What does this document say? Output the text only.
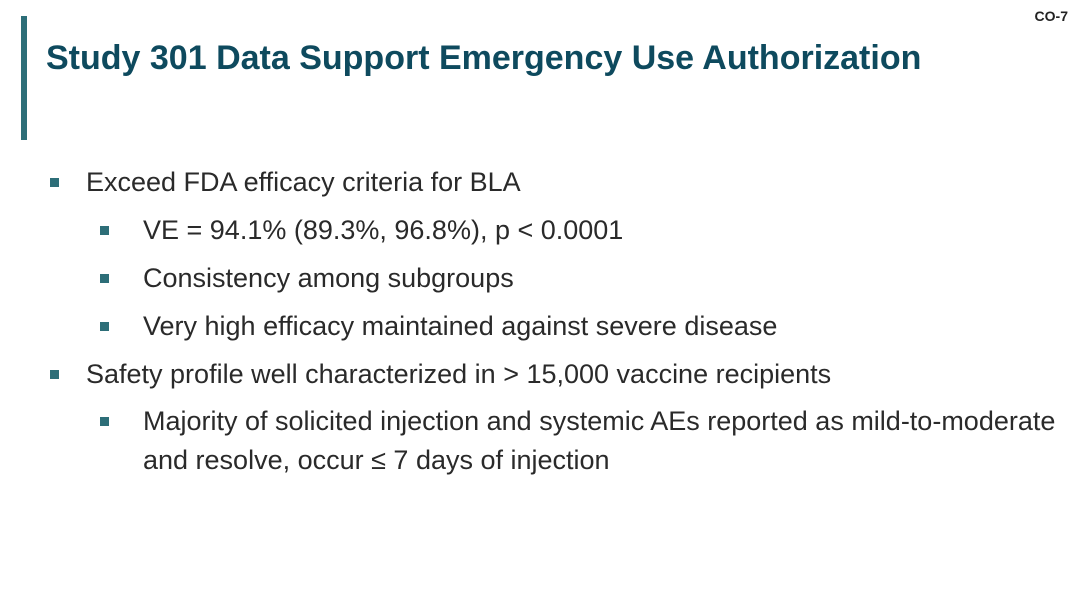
CO-7
Study 301 Data Support Emergency Use Authorization
Exceed FDA efficacy criteria for BLA
VE = 94.1% (89.3%, 96.8%), p < 0.0001
Consistency among subgroups
Very high efficacy maintained against severe disease
Safety profile well characterized in > 15,000 vaccine recipients
Majority of solicited injection and systemic AEs reported as mild-to-moderate and resolve, occur ≤ 7 days of injection
